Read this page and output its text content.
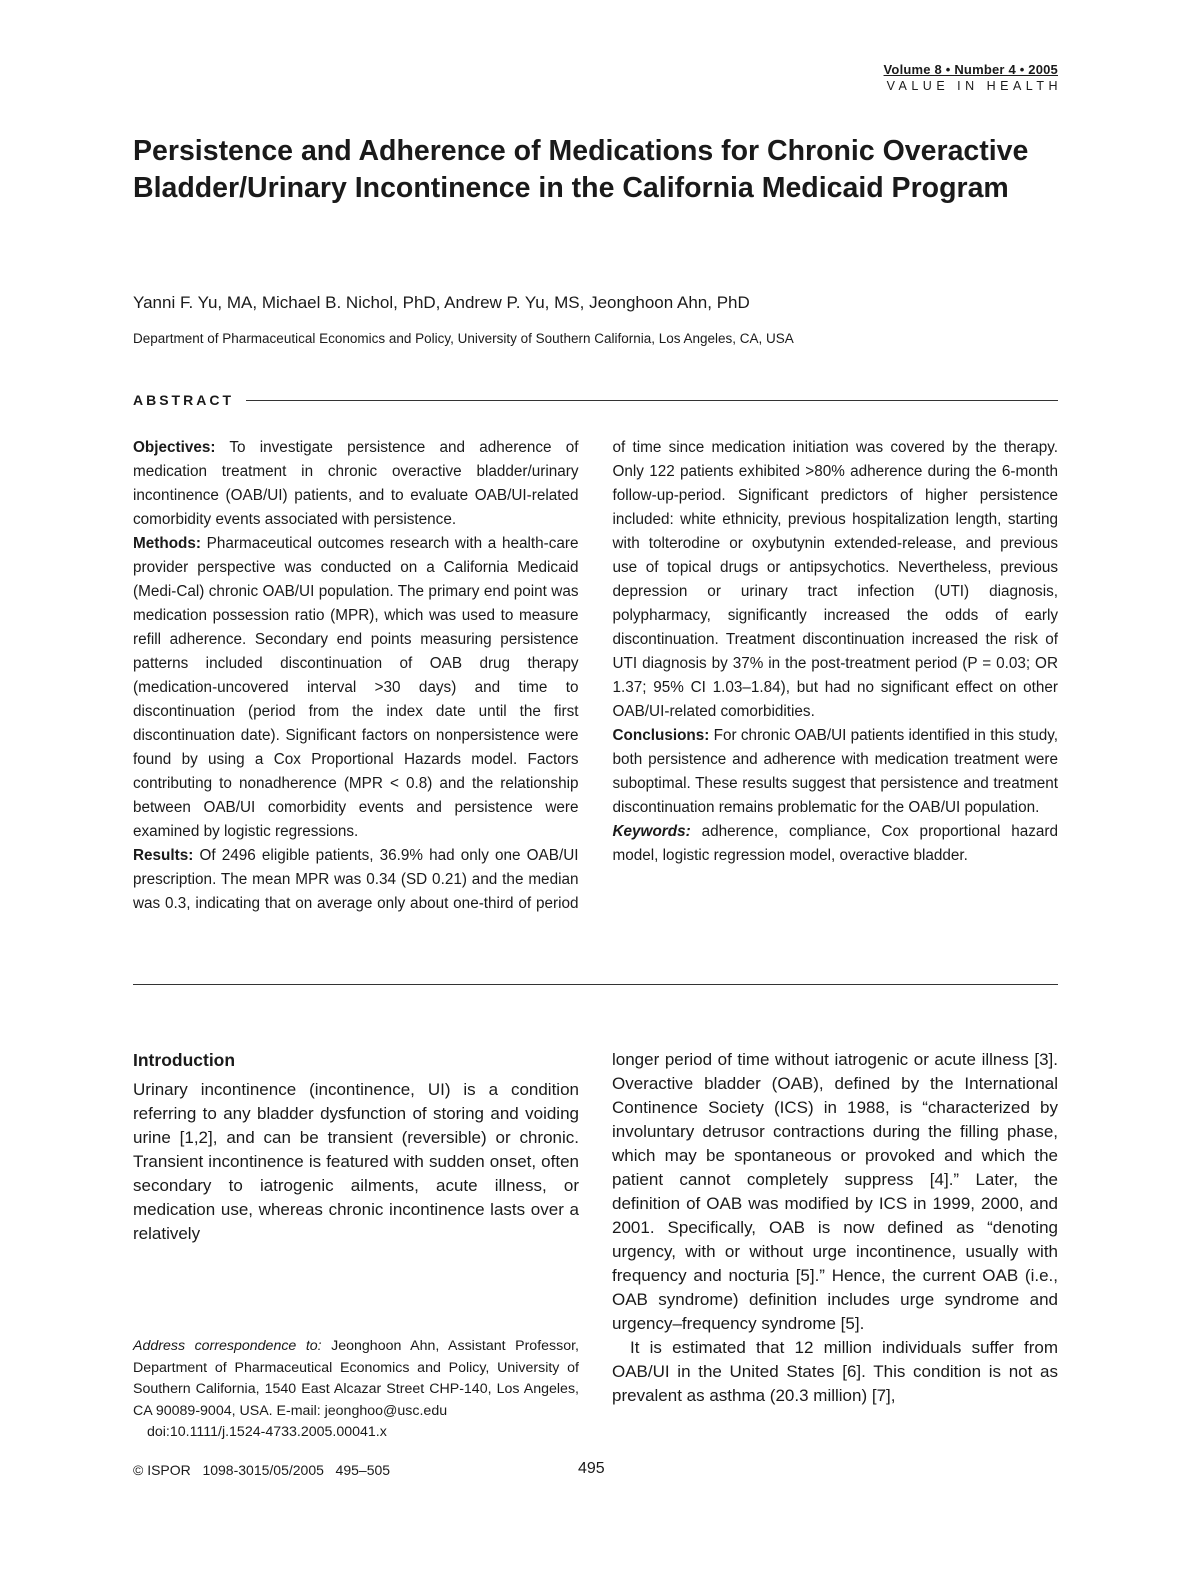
Volume 8 • Number 4 • 2005
VALUE IN HEALTH
Persistence and Adherence of Medications for Chronic Overactive Bladder/Urinary Incontinence in the California Medicaid Program
Yanni F. Yu, MA, Michael B. Nichol, PhD, Andrew P. Yu, MS, Jeonghoon Ahn, PhD
Department of Pharmaceutical Economics and Policy, University of Southern California, Los Angeles, CA, USA
ABSTRACT

Objectives: To investigate persistence and adherence of medication treatment in chronic overactive bladder/urinary incontinence (OAB/UI) patients, and to evaluate OAB/UI-related comorbidity events associated with persistence.

Methods: Pharmaceutical outcomes research with a health-care provider perspective was conducted on a California Medicaid (Medi-Cal) chronic OAB/UI population. The primary end point was medication possession ratio (MPR), which was used to measure refill adherence. Secondary end points measuring persistence patterns included discontinuation of OAB drug therapy (medication-uncovered interval >30 days) and time to discontinuation (period from the index date until the first discontinuation date). Significant factors on nonpersistence were found by using a Cox Proportional Hazards model. Factors contributing to nonadherence (MPR < 0.8) and the relationship between OAB/UI comorbidity events and persistence were examined by logistic regressions.

Results: Of 2496 eligible patients, 36.9% had only one OAB/UI prescription. The mean MPR was 0.34 (SD 0.21) and the median was 0.3, indicating that on average only about one-third of period of time since medication initiation was covered by the therapy. Only 122 patients exhibited >80% adherence during the 6-month follow-up-period. Significant predictors of higher persistence included: white ethnicity, previous hospitalization length, starting with tolterodine or oxybutynin extended-release, and previous use of topical drugs or antipsychotics. Nevertheless, previous depression or urinary tract infection (UTI) diagnosis, polypharmacy, significantly increased the odds of early discontinuation. Treatment discontinuation increased the risk of UTI diagnosis by 37% in the post-treatment period (P = 0.03; OR 1.37; 95% CI 1.03–1.84), but had no significant effect on other OAB/UI-related comorbidities.

Conclusions: For chronic OAB/UI patients identified in this study, both persistence and adherence with medication treatment were suboptimal. These results suggest that persistence and treatment discontinuation remains problematic for the OAB/UI population.

Keywords: adherence, compliance, Cox proportional hazard model, logistic regression model, overactive bladder.

Introduction

Urinary incontinence (incontinence, UI) is a condition referring to any bladder dysfunction of storing and voiding urine [1,2], and can be transient (reversible) or chronic. Transient incontinence is featured with sudden onset, often secondary to iatrogenic ailments, acute illness, or medication use, whereas chronic incontinence lasts over a relatively

longer period of time without iatrogenic or acute illness [3]. Overactive bladder (OAB), defined by the International Continence Society (ICS) in 1988, is “characterized by involuntary detrusor contractions during the filling phase, which may be spontaneous or provoked and which the patient cannot completely suppress [4].” Later, the definition of OAB was modified by ICS in 1999, 2000, and 2001. Specifically, OAB is now defined as “denoting urgency, with or without urge incontinence, usually with frequency and nocturia [5].” Hence, the current OAB (i.e., OAB syndrome) definition includes urge syndrome and urgency–frequency syndrome [5].

It is estimated that 12 million individuals suffer from OAB/UI in the United States [6]. This condition is not as prevalent as asthma (20.3 million) [7],

Address correspondence to: Jeonghoon Ahn, Assistant Professor, Department of Pharmaceutical Economics and Policy, University of Southern California, 1540 East Alcazar Street CHP-140, Los Angeles, CA 90089-9004, USA. E-mail: jeonghoo@usc.edu
doi:10.1111/j.1524-4733.2005.00041.x
© ISPOR   1098-3015/05/2005   495–505	495
